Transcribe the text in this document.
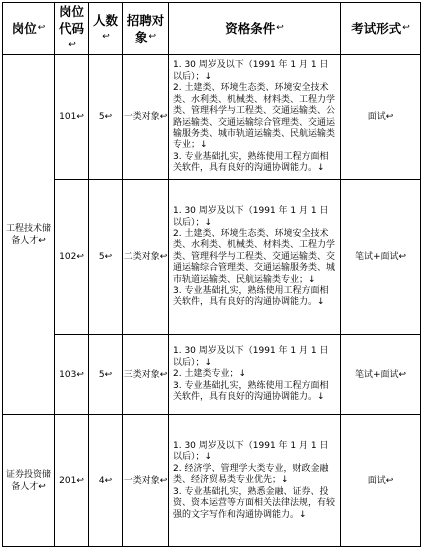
岗位↩	岗位代码↩	人数↩	招聘对象↩	资格条件↩	考试形式↩
工程技术储备人才↩	101↩	5↩	一类对象↩	1. 30 周岁及以下（1991 年 1 月 1 日以后）；↓

2. 土建类、环境生态类、环境安全技术类、水利类、机械类、材料类、工程力学类、管理科学与工程类、交通运输类、公路运输类、交通运输综合管理类、交通运输服务类、城市轨道运输类、民航运输类专业；↓

3. 专业基础扎实，熟练使用工程方面相关软件，具有良好的沟通协调能力。↓	面试↩
	102↩	5↩	二类对象↩	1. 30 周岁及以下（1991 年 1 月 1 日以后）；↓

2. 土建类、环境生态类、环境安全技术类、水利类、机械类、材料类、工程力学类、管理科学与工程类、交通运输类、交通运输综合管理类、交通运输服务类、城市轨道运输类、民航运输类专业；↓

3. 专业基础扎实，熟练使用工程方面相关软件，具有良好的沟通协调能力。↓	笔试+面试↩
	103↩	5↩	三类对象↩	1. 30 周岁及以下（1991 年 1 月 1 日以后）；↓

2. 土建类专业；↓

3. 专业基础扎实，熟练使用工程方面相关软件，具有良好的沟通协调能力。↓	笔试+面试↩
证券投资储备人才↩	201↩	4↩	一类对象↩	1. 30 周岁及以下（1991 年 1 月 1 日以后）；↓

2. 经济学、管理学大类专业，财政金融类、经济贸易类专业优先；↓

3. 专业基础扎实，熟悉金融、证券、投资、资本运营等方面相关法律法规，有较强的文字写作和沟通协调能力。↓	面试↩
